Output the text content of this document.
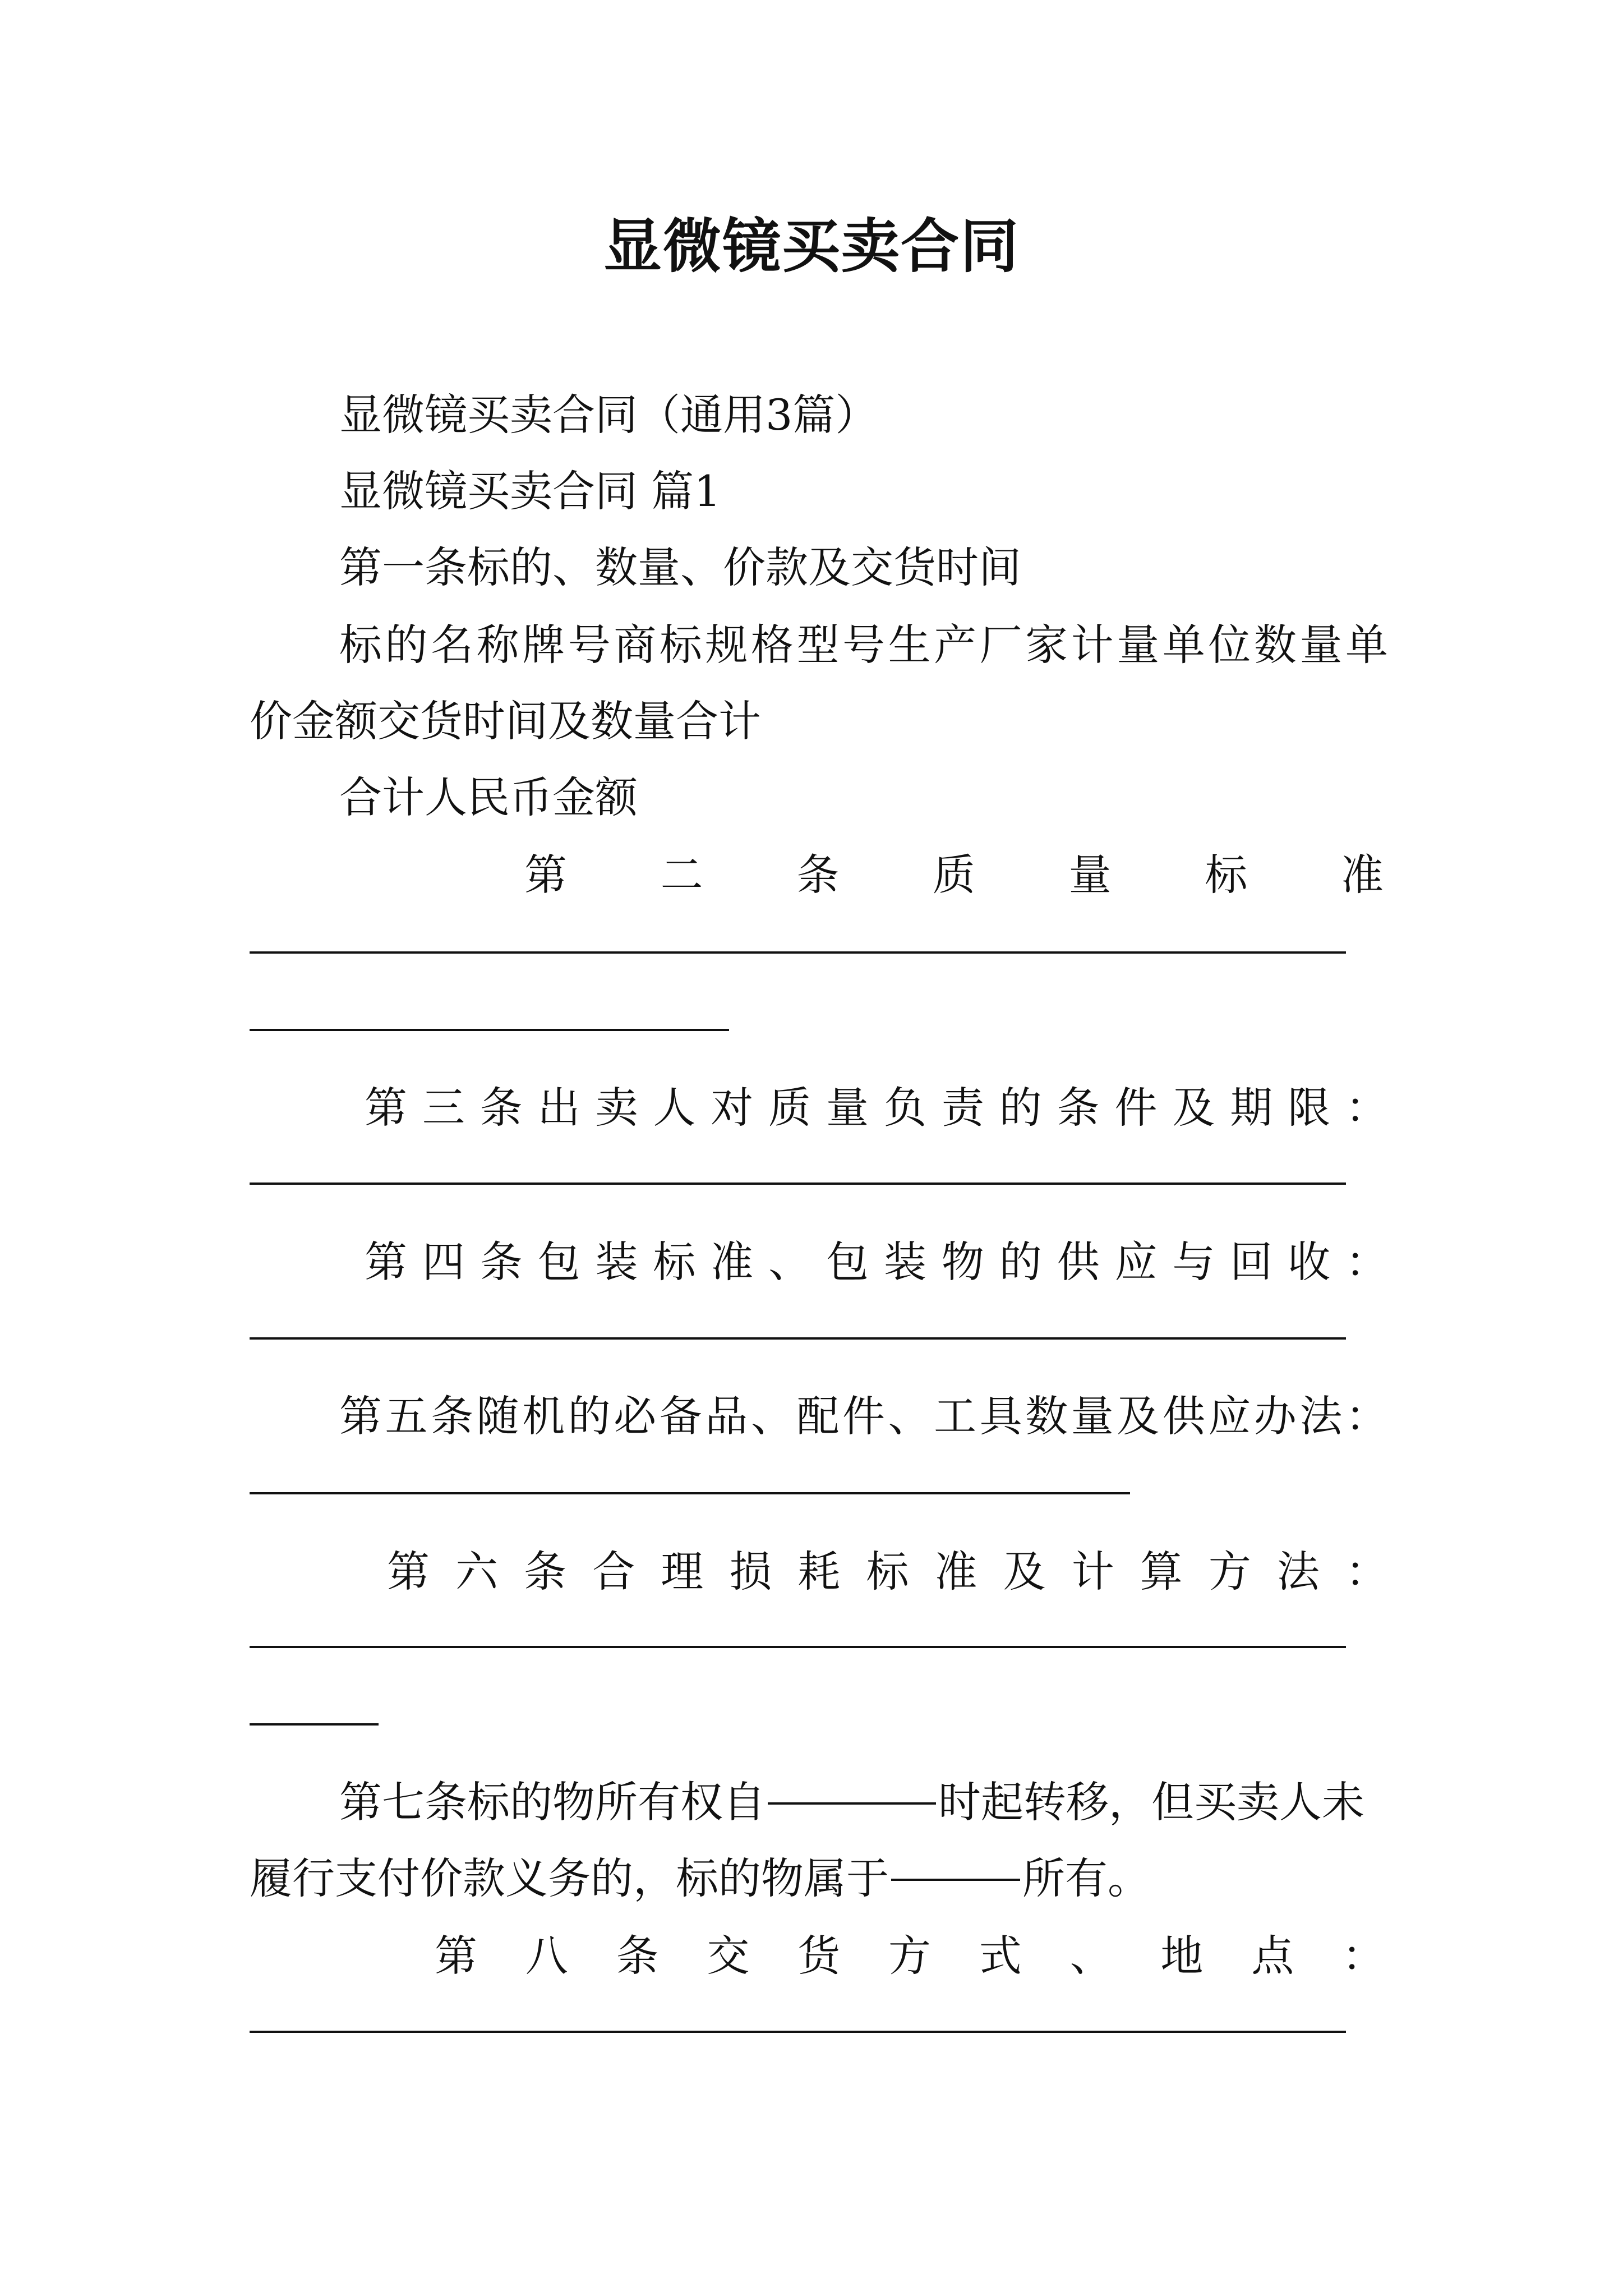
显微镜买卖合同
显微镜买卖合同（通用3篇）
显微镜买卖合同 篇1
第一条标的、数量、价款及交货时间
标的名称牌号商标规格型号生产厂家计量单位数量单
价金额交货时间及数量合计
合计人民币金额
第二条质量标准
第三条出卖人对质量负责的条件及期限：
第四条包装标准、包装物的供应与回收：
第五条随机的必备品、配件、工具数量及供应办法：
第六条合理损耗标准及计算方法：
第七条标的物所有权自	时起转移，但买卖人未
履行支付价款义务的，标的物属于	所有。
第八条交货方式、地点：
